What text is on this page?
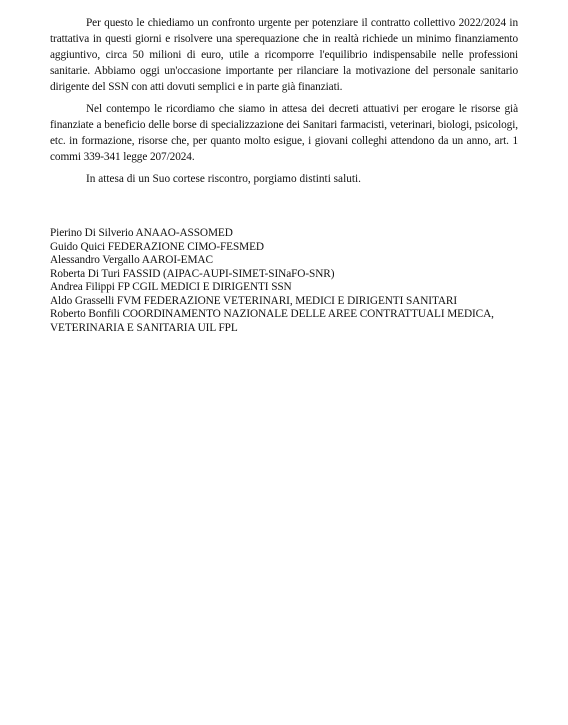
Per questo le chiediamo un confronto urgente per potenziare il contratto collettivo 2022/2024 in trattativa in questi giorni e risolvere una sperequazione che in realtà richiede un minimo finanziamento aggiuntivo, circa 50 milioni di euro, utile a ricomporre l'equilibrio indispensabile nelle professioni sanitarie. Abbiamo oggi un'occasione importante per rilanciare la motivazione del personale sanitario dirigente del SSN con atti dovuti semplici e in parte già finanziati.

Nel contempo le ricordiamo che siamo in attesa dei decreti attuativi per erogare le risorse già finanziate a beneficio delle borse di specializzazione dei Sanitari farmacisti, veterinari, biologi, psicologi, etc. in formazione, risorse che, per quanto molto esigue, i giovani colleghi attendono da un anno, art. 1 commi 339-341 legge 207/2024.

In attesa di un Suo cortese riscontro, porgiamo distinti saluti.

Pierino Di Silverio ANAAO-ASSOMED

Guido Quici FEDERAZIONE CIMO-FESMED

Alessandro Vergallo AAROI-EMAC

Roberta Di Turi FASSID (AIPAC-AUPI-SIMET-SINaFO-SNR)

Andrea Filippi FP CGIL MEDICI E DIRIGENTI SSN

Aldo Grasselli FVM FEDERAZIONE VETERINARI, MEDICI E DIRIGENTI SANITARI

Roberto Bonfili COORDINAMENTO NAZIONALE DELLE AREE CONTRATTUALI MEDICA, VETERINARIA E SANITARIA UIL FPL
